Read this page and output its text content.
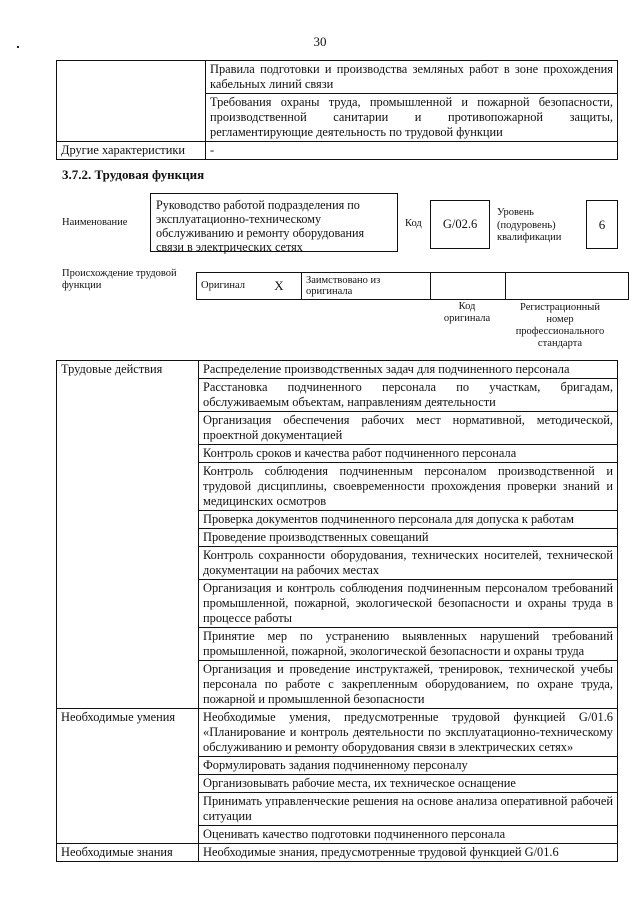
30
	Правила подготовки и производства земляных работ в зоне прохождения кабельных линий связи
	Требования охраны труда, промышленной и пожарной безопасности, производственной санитарии и противопожарной защиты, регламентирующие деятельность по трудовой функции
Другие характеристики	-
3.7.2. Трудовая функция
Наименование
Руководство работой подразделения по эксплуатационно-техническому обслуживанию и ремонту оборудования связи в электрических сетях
Код	G/02.6
Уровень (подуровень) квалификации
6
Происхождение трудовой функции	Оригинал	X	Заимствовано из оригинала		
Код оригинала
Регистрационный номер профессионального стандарта
Трудовые действия	Распределение производственных задач для подчиненного персонала
	Расстановка подчиненного персонала по участкам, бригадам, обслуживаемым объектам, направлениям деятельности
	Организация обеспечения рабочих мест нормативной, методической, проектной документацией
	Контроль сроков и качества работ подчиненного персонала
	Контроль соблюдения подчиненным персоналом производственной и трудовой дисциплины, своевременности прохождения проверки знаний и медицинских осмотров
	Проверка документов подчиненного персонала для допуска к работам
	Проведение производственных совещаний
	Контроль сохранности оборудования, технических носителей, технической документации на рабочих местах
	Организация и контроль соблюдения подчиненным персоналом требований промышленной, пожарной, экологической безопасности и охраны труда в процессе работы
	Принятие мер по устранению выявленных нарушений требований промышленной, пожарной, экологической безопасности и охраны труда
	Организация и проведение инструктажей, тренировок, технической учебы персонала по работе с закрепленным оборудованием, по охране труда, пожарной и промышленной безопасности
Необходимые умения	Необходимые умения, предусмотренные трудовой функцией G/01.6 «Планирование и контроль деятельности по эксплуатационно-техническому обслуживанию и ремонту оборудования связи в электрических сетях»
	Формулировать задания подчиненному персоналу
	Организовывать рабочие места, их техническое оснащение
	Принимать управленческие решения на основе анализа оперативной рабочей ситуации
	Оценивать качество подготовки подчиненного персонала
Необходимые знания	Необходимые знания, предусмотренные трудовой функцией G/01.6
